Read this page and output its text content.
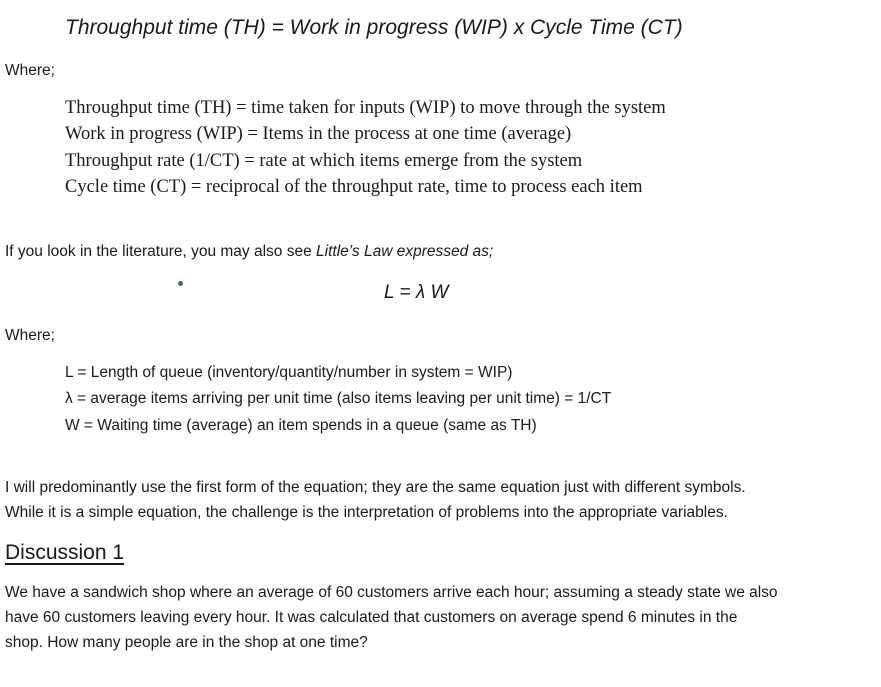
Throughput time (TH) = Work in progress (WIP) x Cycle Time (CT)
Where;
Throughput time (TH) = time taken for inputs (WIP) to move through the system
Work in progress (WIP) = Items in the process at one time (average)
Throughput rate (1/CT) = rate at which items emerge from the system
Cycle time (CT) = reciprocal of the throughput rate, time to process each item
If you look in the literature, you may also see Little’s Law expressed as;
L = λ W
Where;
L = Length of queue (inventory/quantity/number in system = WIP)
λ = average items arriving per unit time (also items leaving per unit time) = 1/CT
W = Waiting time (average) an item spends in a queue (same as TH)
I will predominantly use the first form of the equation; they are the same equation just with different symbols.
While it is a simple equation, the challenge is the interpretation of problems into the appropriate variables.
Discussion 1
We have a sandwich shop where an average of 60 customers arrive each hour; assuming a steady state we also
have 60 customers leaving every hour. It was calculated that customers on average spend 6 minutes in the
shop. How many people are in the shop at one time?
